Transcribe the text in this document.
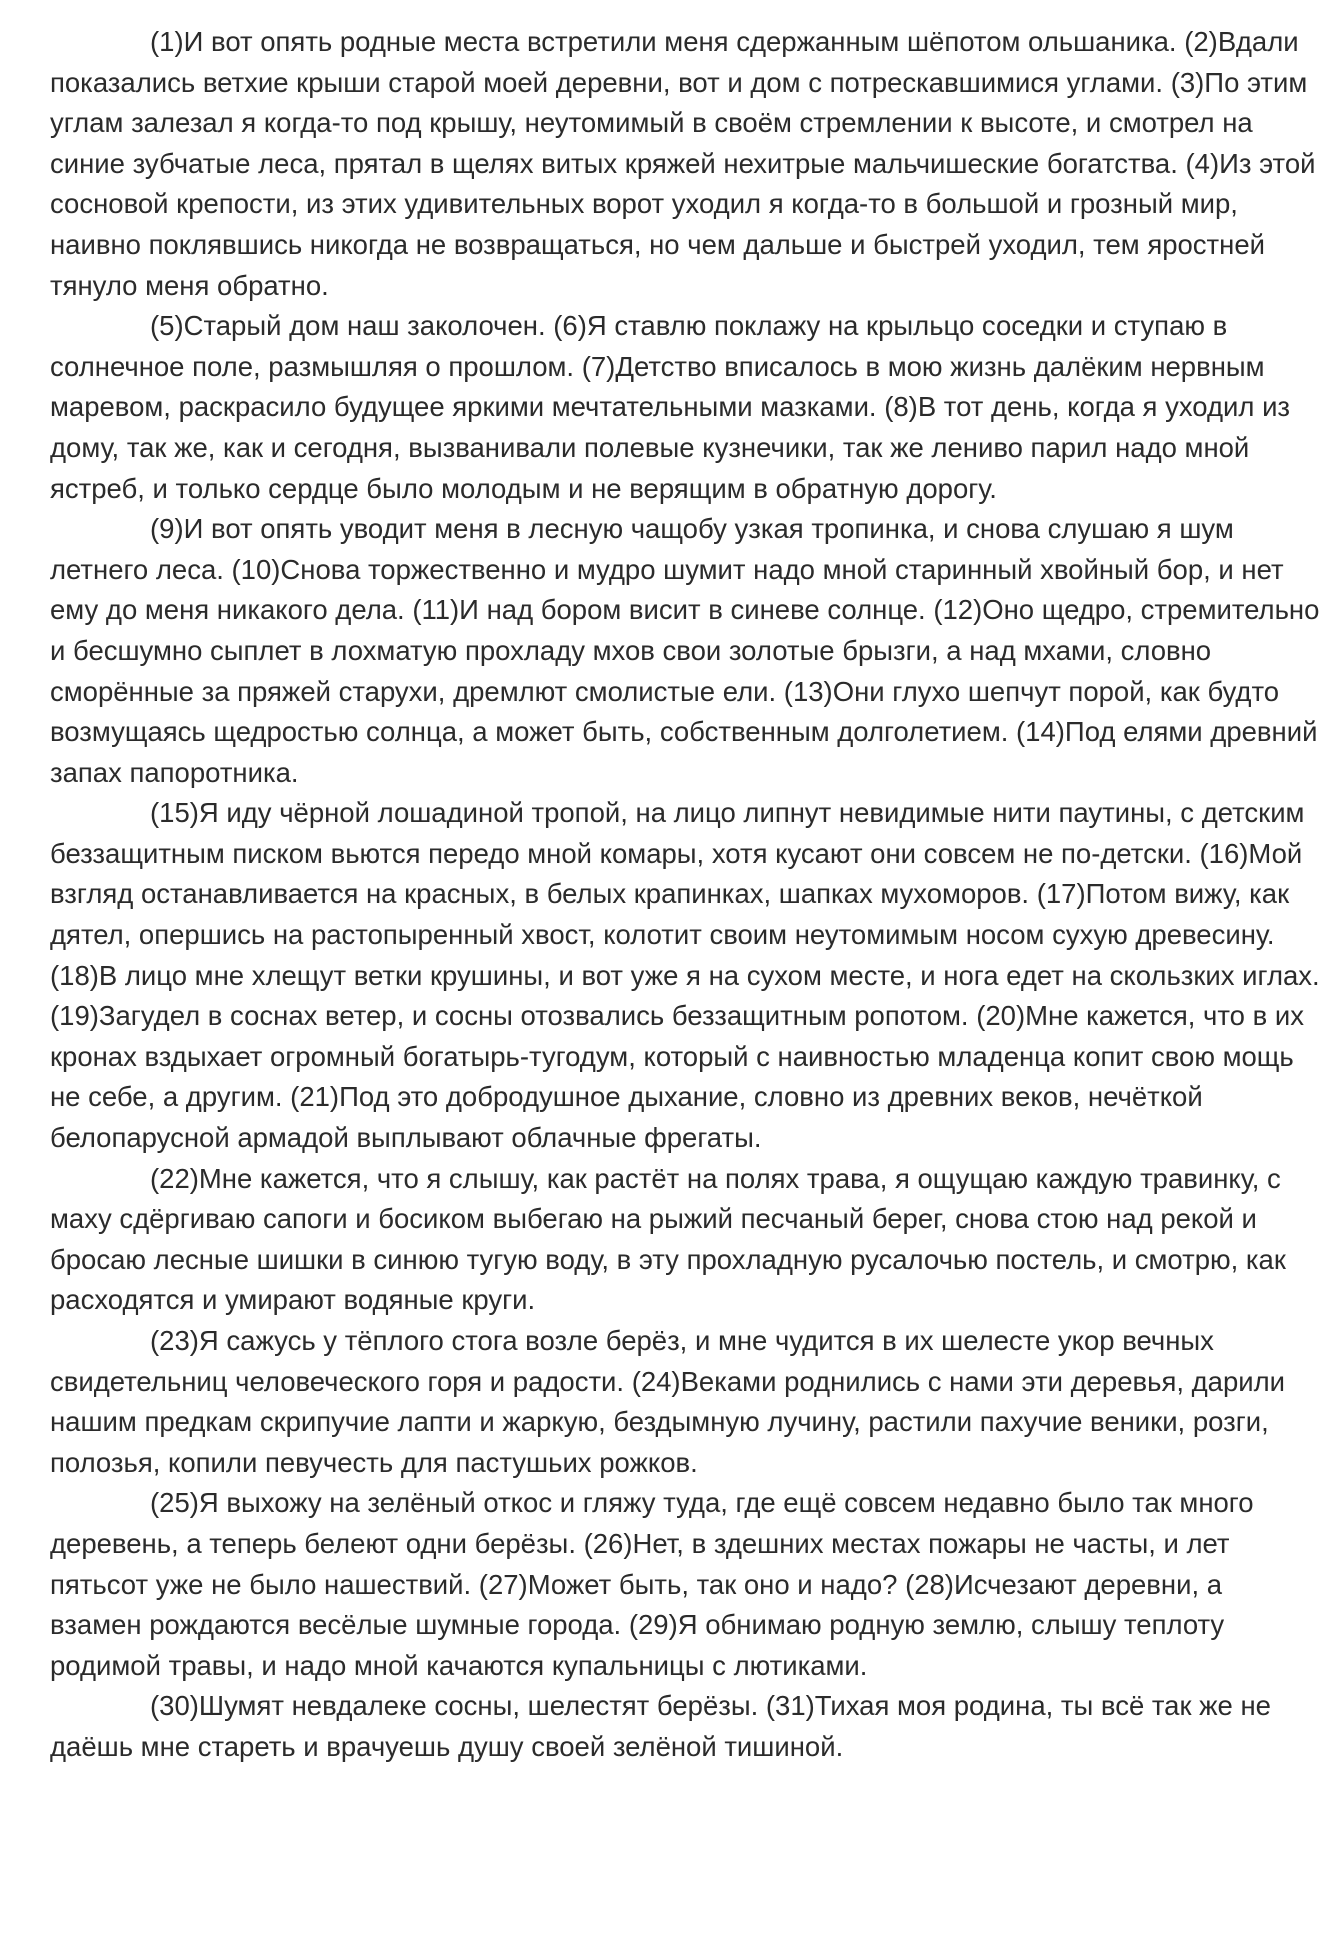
(1)И вот опять родные места встретили меня сдержанным шёпотом ольшаника. (2)Вдали показались ветхие крыши старой моей деревни, вот и дом с потрескавшимися углами. (3)По этим углам залезал я когда-то под крышу, неутомимый в своём стремлении к высоте, и смотрел на синие зубчатые леса, прятал в щелях витых кряжей нехитрые мальчишеские богатства. (4)Из этой сосновой крепости, из этих удивительных ворот уходил я когда-то в большой и грозный мир, наивно поклявшись никогда не возвращаться, но чем дальше и быстрей уходил, тем яростней тянуло меня обратно.

(5)Старый дом наш заколочен. (6)Я ставлю поклажу на крыльцо соседки и ступаю в солнечное поле, размышляя о прошлом. (7)Детство вписалось в мою жизнь далёким нервным маревом, раскрасило будущее яркими мечтательными мазками. (8)В тот день, когда я уходил из дому, так же, как и сегодня, вызванивали полевые кузнечики, так же лениво парил надо мной ястреб, и только сердце было молодым и не верящим в обратную дорогу.

(9)И вот опять уводит меня в лесную чащобу узкая тропинка, и снова слушаю я шум летнего леса. (10)Снова торжественно и мудро шумит надо мной старинный хвойный бор, и нет ему до меня никакого дела. (11)И над бором висит в синеве солнце. (12)Оно щедро, стремительно и бесшумно сыплет в лохматую прохладу мхов свои золотые брызги, а над мхами, словно сморённые за пряжей старухи, дремлют смолистые ели. (13)Они глухо шепчут порой, как будто возмущаясь щедростью солнца, а может быть, собственным долголетием. (14)Под елями древний запах папоротника.

(15)Я иду чёрной лошадиной тропой, на лицо липнут невидимые нити паутины, с детским беззащитным писком вьются передо мной комары, хотя кусают они совсем не по-детски. (16)Мой взгляд останавливается на красных, в белых крапинках, шапках мухоморов. (17)Потом вижу, как дятел, опершись на растопыренный хвост, колотит своим неутомимым носом сухую древесину. (18)В лицо мне хлещут ветки крушины, и вот уже я на сухом месте, и нога едет на скользких иглах. (19)Загудел в соснах ветер, и сосны отозвались беззащитным ропотом. (20)Мне кажется, что в их кронах вздыхает огромный богатырь-тугодум, который с наивностью младенца копит свою мощь не себе, а другим. (21)Под это добродушное дыхание, словно из древних веков, нечёткой белопарусной армадой выплывают облачные фрегаты.

(22)Мне кажется, что я слышу, как растёт на полях трава, я ощущаю каждую травинку, с маху сдёргиваю сапоги и босиком выбегаю на рыжий песчаный берег, снова стою над рекой и бросаю лесные шишки в синюю тугую воду, в эту прохладную русалочью постель, и смотрю, как расходятся и умирают водяные круги.

(23)Я сажусь у тёплого стога возле берёз, и мне чудится в их шелесте укор вечных свидетельниц человеческого горя и радости. (24)Веками роднились с нами эти деревья, дарили нашим предкам скрипучие лапти и жаркую, бездымную лучину, растили пахучие веники, розги, полозья, копили певучесть для пастушьих рожков.

(25)Я выхожу на зелёный откос и гляжу туда, где ещё совсем недавно было так много деревень, а теперь белеют одни берёзы. (26)Нет, в здешних местах пожары не часты, и лет пятьсот уже не было нашествий. (27)Может быть, так оно и надо? (28)Исчезают деревни, а взамен рождаются весёлые шумные города. (29)Я обнимаю родную землю, слышу теплоту родимой травы, и надо мной качаются купальницы с лютиками.

(30)Шумят невдалеке сосны, шелестят берёзы. (31)Тихая моя родина, ты всё так же не даёшь мне стареть и врачуешь душу своей зелёной тишиной.
